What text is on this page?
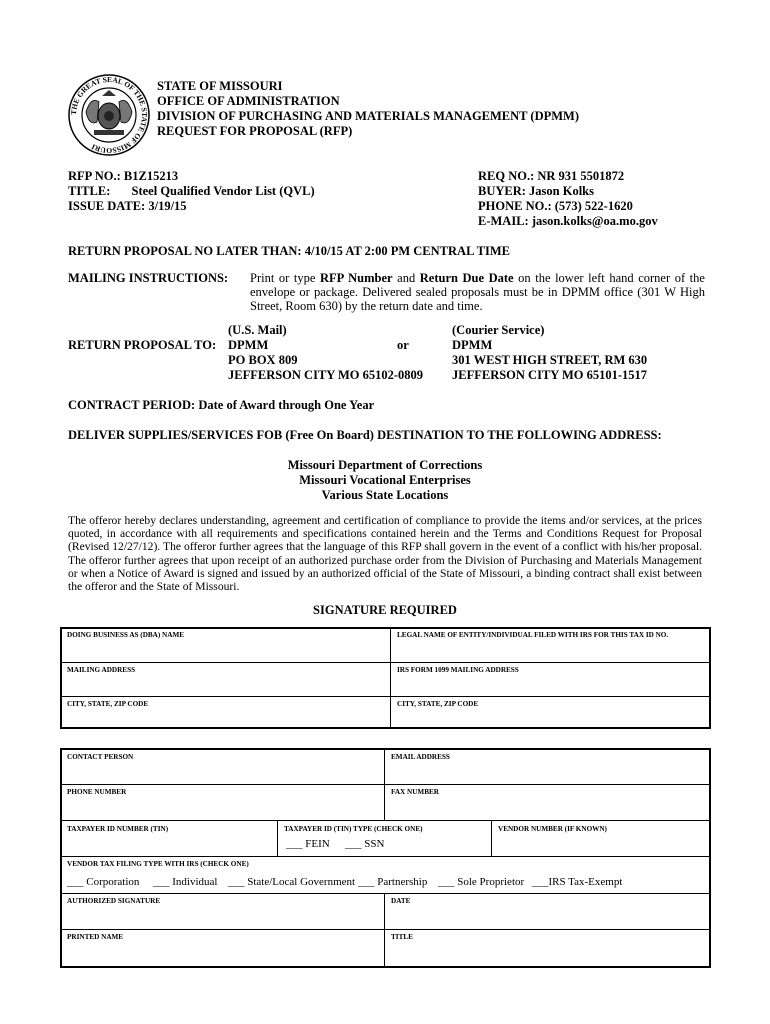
THE GREAT SEAL OF THE STATE OF MISSOURI
STATE OF MISSOURI
OFFICE OF ADMINISTRATION
DIVISION OF PURCHASING AND MATERIALS MANAGEMENT (DPMM)
REQUEST FOR PROPOSAL (RFP)
RFP NO.: B1Z15213
TITLE: Steel Qualified Vendor List (QVL)
ISSUE DATE: 3/19/15
REQ NO.: NR 931 5501872
BUYER: Jason Kolks
PHONE NO.: (573) 522-1620
E-MAIL: jason.kolks@oa.mo.gov
RETURN PROPOSAL NO LATER THAN: 4/10/15 AT 2:00 PM CENTRAL TIME
MAILING INSTRUCTIONS: Print or type RFP Number and Return Due Date on the lower left hand corner of the envelope or package. Delivered sealed proposals must be in DPMM office (301 W High Street, Room 630) by the return date and time.
RETURN PROPOSAL TO:
(U.S. Mail)
DPMM
PO BOX 809
JEFFERSON CITY MO 65102-0809
or
(Courier Service)
DPMM
301 WEST HIGH STREET, RM 630
JEFFERSON CITY MO 65101-1517
CONTRACT PERIOD: Date of Award through One Year
DELIVER SUPPLIES/SERVICES FOB (Free On Board) DESTINATION TO THE FOLLOWING ADDRESS:
Missouri Department of Corrections
Missouri Vocational Enterprises
Various State Locations
The offeror hereby declares understanding, agreement and certification of compliance to provide the items and/or services, at the prices quoted, in accordance with all requirements and specifications contained herein and the Terms and Conditions Request for Proposal (Revised 12/27/12). The offeror further agrees that the language of this RFP shall govern in the event of a conflict with his/her proposal. The offeror further agrees that upon receipt of an authorized purchase order from the Division of Purchasing and Materials Management or when a Notice of Award is signed and issued by an authorized official of the State of Missouri, a binding contract shall exist between the offeror and the State of Missouri.
SIGNATURE REQUIRED
DOING BUSINESS AS (DBA) NAME	LEGAL NAME OF ENTITY/INDIVIDUAL FILED WITH IRS FOR THIS TAX ID NO.
MAILING ADDRESS	IRS FORM 1099 MAILING ADDRESS
CITY, STATE, ZIP CODE	CITY, STATE, ZIP CODE
CONTACT PERSON	EMAIL ADDRESS
PHONE NUMBER	FAX NUMBER
TAXPAYER ID NUMBER (TIN)	TAXPAYER ID (TIN) TYPE (CHECK ONE)	VENDOR NUMBER (IF KNOWN)
___ FEIN ___ SSN
VENDOR TAX FILING TYPE WITH IRS (CHECK ONE)
___ Corporation ___ Individual ___ State/Local Government ___ Partnership ___ Sole Proprietor ___IRS Tax-Exempt
AUTHORIZED SIGNATURE	DATE
PRINTED NAME	TITLE
